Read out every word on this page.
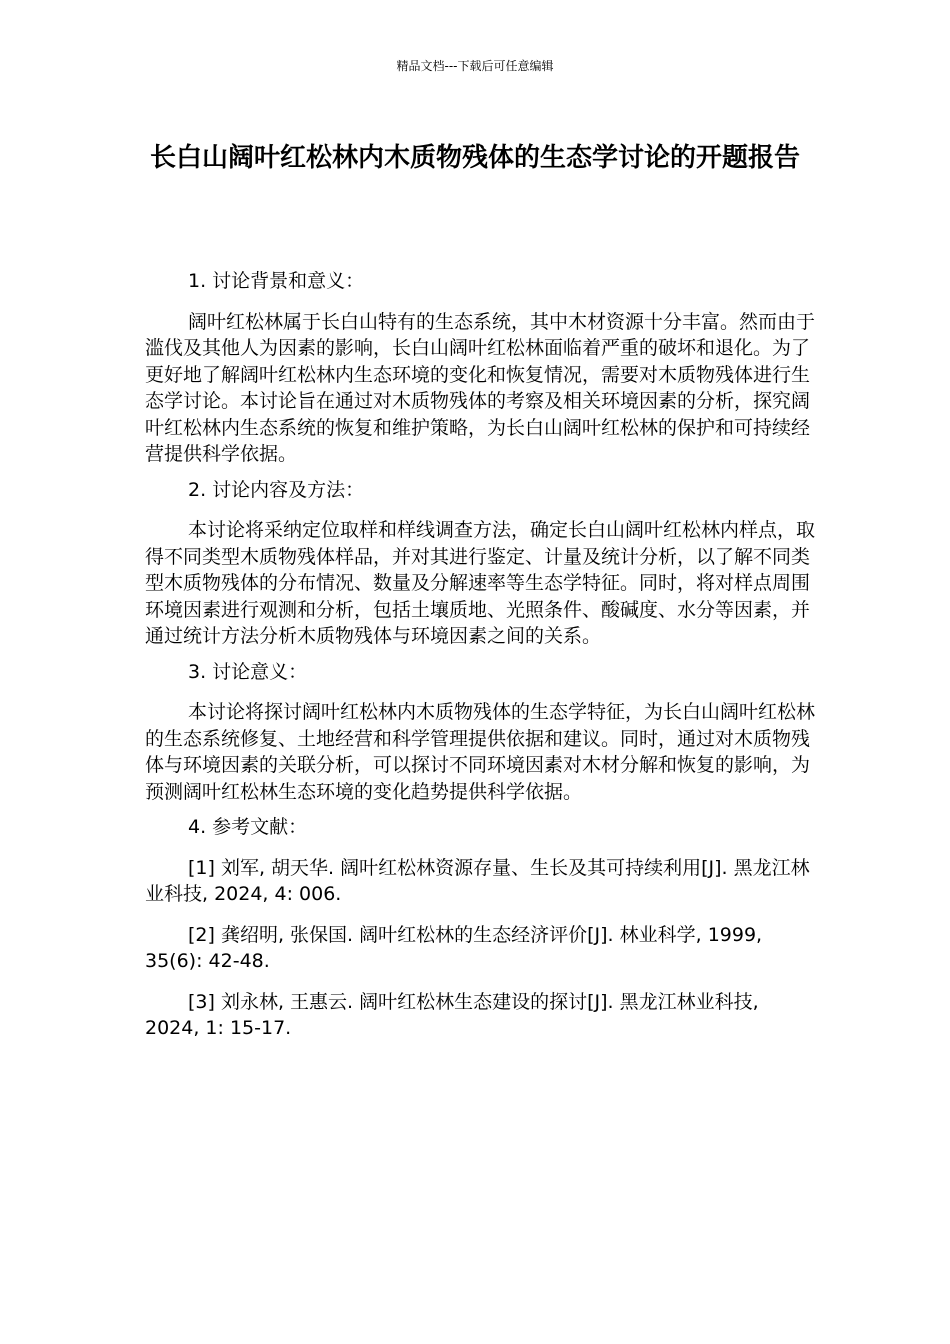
精品文档---下载后可任意编辑
长白山阔叶红松林内木质物残体的生态学讨论的开题报告

1. 讨论背景和意义：

阔叶红松林属于长白山特有的生态系统，其中木材资源十分丰富。然而由于滥伐及其他人为因素的影响，长白山阔叶红松林面临着严重的破坏和退化。为了更好地了解阔叶红松林内生态环境的变化和恢复情况，需要对木质物残体进行生态学讨论。本讨论旨在通过对木质物残体的考察及相关环境因素的分析，探究阔叶红松林内生态系统的恢复和维护策略，为长白山阔叶红松林的保护和可持续经营提供科学依据。

2. 讨论内容及方法：

本讨论将采纳定位取样和样线调查方法，确定长白山阔叶红松林内样点，取得不同类型木质物残体样品，并对其进行鉴定、计量及统计分析，以了解不同类型木质物残体的分布情况、数量及分解速率等生态学特征。同时，将对样点周围环境因素进行观测和分析，包括土壤质地、光照条件、酸碱度、水分等因素，并通过统计方法分析木质物残体与环境因素之间的关系。

3. 讨论意义：

本讨论将探讨阔叶红松林内木质物残体的生态学特征，为长白山阔叶红松林的生态系统修复、土地经营和科学管理提供依据和建议。同时，通过对木质物残体与环境因素的关联分析，可以探讨不同环境因素对木材分解和恢复的影响，为预测阔叶红松林生态环境的变化趋势提供科学依据。

4. 参考文献：

[1] 刘军, 胡天华. 阔叶红松林资源存量、生长及其可持续利用[J]. 黑龙江林业科技, 2024, 4: 006.

[2] 龚绍明, 张保国. 阔叶红松林的生态经济评价[J]. 林业科学, 1999, 35(6): 42-48.

[3] 刘永林, 王惠云. 阔叶红松林生态建设的探讨[J]. 黑龙江林业科技, 2024, 1: 15-17.
